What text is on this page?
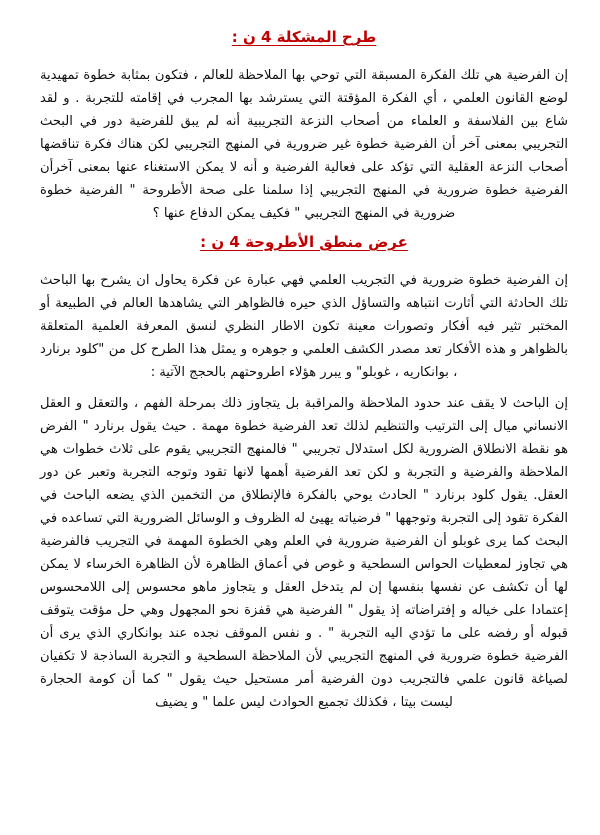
طرح المشكلة 4 ن :

إن الفرضية هي تلك الفكرة المسبقة التي توحي بها الملاحظة للعالم ، فتكون بمثابة خطوة تمهيدية لوضع القانون العلمي ، أي الفكرة المؤقتة التي يسترشد بها المجرب في إقامته للتجربة . و لقد شاع بين الفلاسفة و العلماء من أصحاب النزعة التجريبية أنه لم يبق للفرضية دور في البحث التجريبي بمعنى آخر أن الفرضية خطوة غير ضرورية في المنهج التجريبي لكن هناك فكرة تناقضها أصحاب النزعة العقلية التي تؤكد على فعالية الفرضية و أنه لا يمكن الاستغناء عنها بمعنى آخرأن الفرضية خطوة ضرورية في المنهج التجريبي إذا سلمنا على صحة الأطروحة " الفرضية خطوة ضرورية في المنهج التجريبي " فكيف يمكن الدفاع عنها ؟

عرض منطق الأطروحة 4 ن :

إن الفرضية خطوة ضرورية في التجريب العلمي فهي عبارة عن فكرة يحاول ان يشرح بها الباحث تلك الحادثة التي أثارت انتباهه والتساؤل الذي حيره فالظواهر التي يشاهدها العالم في الطبيعة أو المختبر تثير فيه أفكار وتصورات معينة تكون الاطار النظري لنسق المعرفة العلمية المتعلقة بالظواهر و هذه الأفكار تعد مصدر الكشف العلمي و جوهره و يمثل هذا الطرح كل من "كلود برنارد ، بوانكاريه ، غوبلو" و يبرر هؤلاء اطروحتهم بالحجج الآتية :

إن الباحث لا يقف عند حدود الملاحظة والمراقبة بل يتجاوز ذلك بمرحلة الفهم ، والتعقل و العقل الانساني ميال إلى الترتيب والتنظيم لذلك تعد الفرضية خطوة مهمة . حيث يقول برنارد " الفرض هو نقطة الانطلاق الضرورية لكل استدلال تجريبي " فالمنهج التجريبي يقوم على ثلاث خطوات هي الملاحظة والفرضية و التجربة و لكن تعد الفرضية أهمها لانها تقود وتوجه التجربة وتعبر عن دور العقل. يقول كلود برنارد " الحادث يوحي بالفكرة فالإنطلاق من التخمين الذي يضعه الباحث في الفكرة تقود إلى التجربة وتوجهها " فرضياته يهيئ له الظروف و الوسائل الضرورية التي تساعده في البحث كما يرى غوبلو أن الفرضية ضرورية في العلم وهي الخطوة المهمة في التجريب فالفرضية هي تجاوز لمعطيات الحواس السطحية و غوص في أعماق الظاهرة لأن الظاهرة الخرساء لا يمكن لها أن تكشف عن نفسها بنفسها إن لم يتدخل العقل و يتجاوز ماهو محسوس إلى اللامحسوس إعتمادا على خياله و إفتراضاته إذ يقول " الفرضية هي قفزة نحو المجهول وهي حل مؤقت يتوقف قبوله أو رفضه على ما تؤدي اليه التجربة " . و نفس الموقف نجده عند بوانكاري الذي يرى أن الفرضية خطوة ضرورية في المنهج التجريبي لأن الملاحظة السطحية و التجربة الساذجة لا تكفيان لصياغة قانون علمي فالتجريب دون الفرضية أمر مستحيل حيث يقول " كما أن كومة الحجارة ليست بيتا ، فكذلك تجميع الحوادث ليس علما " و يضيف
